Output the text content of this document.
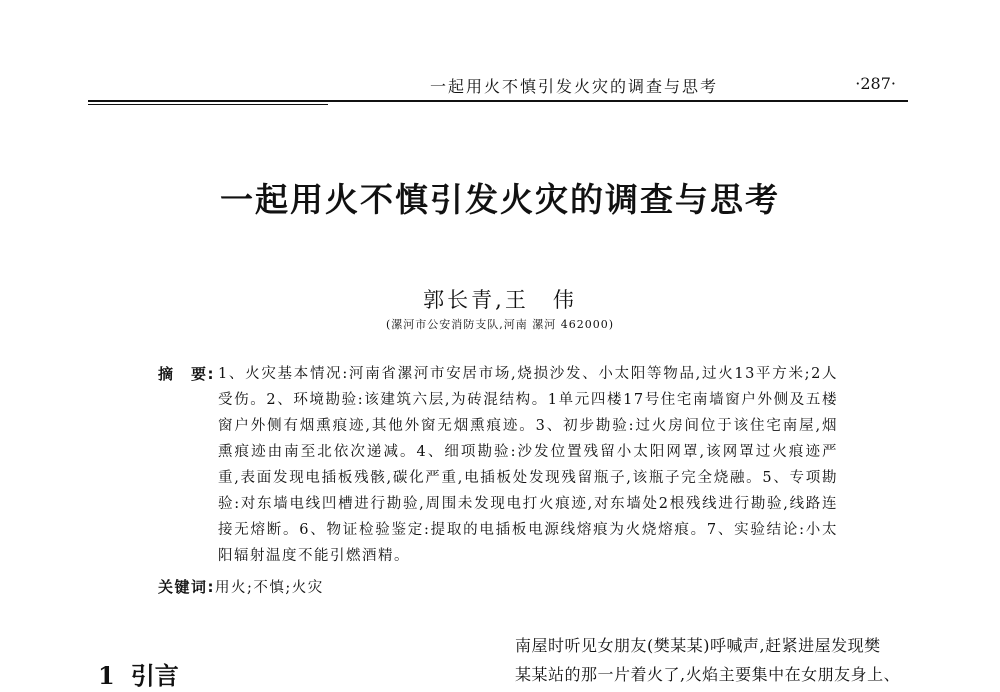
一起用火不慎引发火灾的调查与思考	·287·
一起用火不慎引发火灾的调查与思考
郭长青,王　伟
(漯河市公安消防支队,河南 漯河 462000)
摘　要: 1、火灾基本情况:河南省漯河市安居市场,烧损沙发、小太阳等物品,过火13平方米;2人受伤。2、环境勘验:该建筑六层,为砖混结构。1单元四楼17号住宅南墙窗户外侧及五楼窗户外侧有烟熏痕迹,其他外窗无烟熏痕迹。3、初步勘验:过火房间位于该住宅南屋,烟熏痕迹由南至北依次递减。4、细项勘验:沙发位置残留小太阳网罩,该网罩过火痕迹严重,表面发现电插板残骸,碳化严重,电插板处发现残留瓶子,该瓶子完全烧融。5、专项勘验:对东墙电线凹槽进行勘验,周围未发现电打火痕迹,对东墙处2根残线进行勘验,线路连接无熔断。6、物证检验鉴定:提取的电插板电源线熔痕为火烧熔痕。7、实验结论:小太阳辐射温度不能引燃酒精。
关键词:用火;不慎;火灾
1 引言
南屋时听见女朋友(樊某某)呼喊声,赶紧进屋发现樊
某某站的那一片着火了,火焰主要集中在女朋友身上、
